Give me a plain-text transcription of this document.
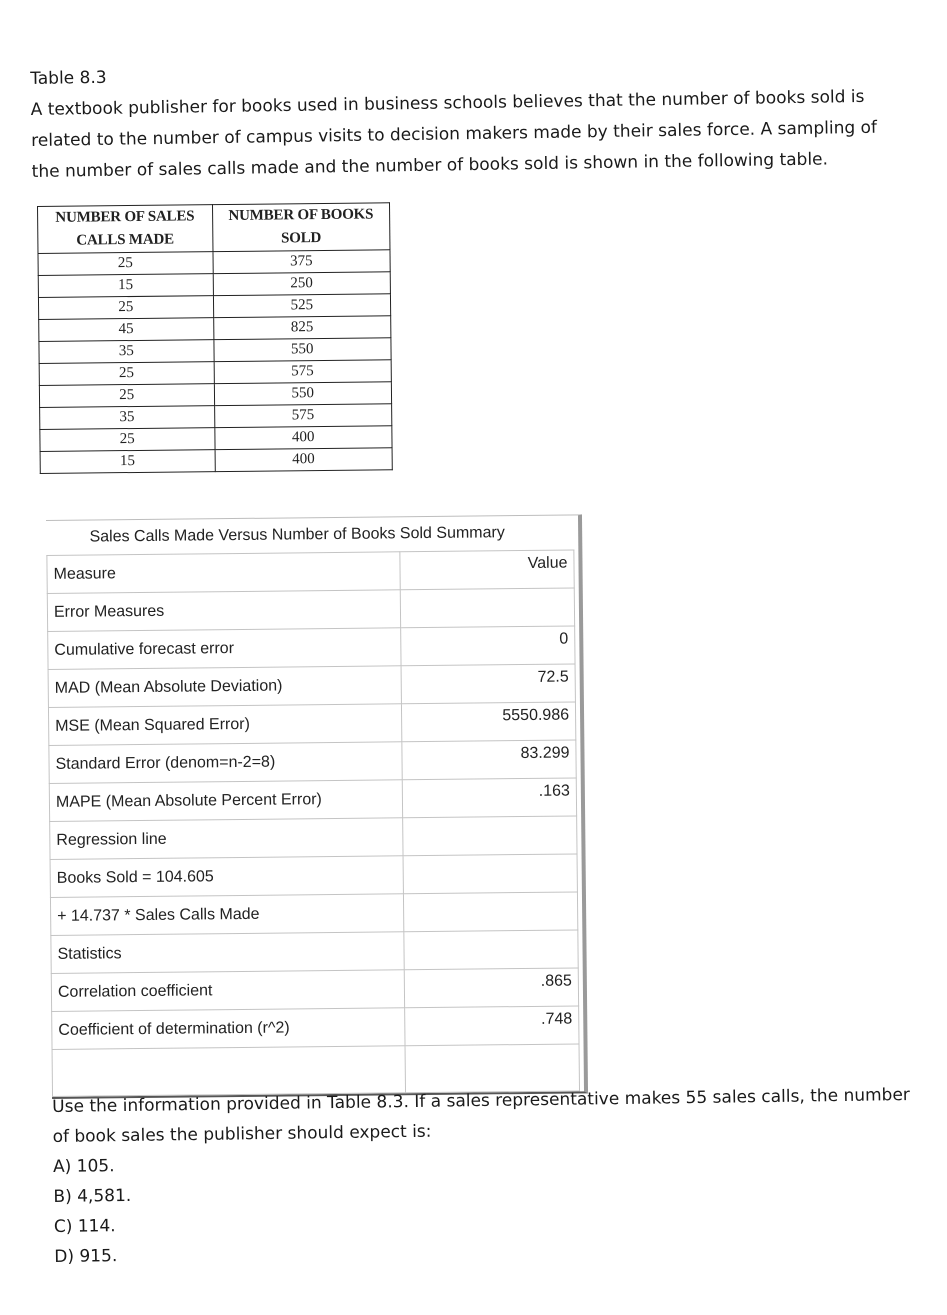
Table 8.3
A textbook publisher for books used in business schools believes that the number of books sold is related to the number of campus visits to decision makers made by their sales force. A sampling of the number of sales calls made and the number of books sold is shown in the following table.
NUMBER OF SALES CALLS MADE	NUMBER OF BOOKS SOLD
25	375
15	250
25	525
45	825
35	550
25	575
25	550
35	575
25	400
15	400
Sales Calls Made Versus Number of Books Sold Summary
Measure	Value
Error Measures	
Cumulative forecast error	0
MAD (Mean Absolute Deviation)	72.5
MSE (Mean Squared Error)	5550.986
Standard Error (denom=n-2=8)	83.299
MAPE (Mean Absolute Percent Error)	.163
Regression line	
Books Sold = 104.605	
+ 14.737 * Sales Calls Made	
Statistics	
Correlation coefficient	.865
Coefficient of determination (r^2)	.748

Use the information provided in Table 8.3. If a sales representative makes 55 sales calls, the number of book sales the publisher should expect is:
A) 105.
B) 4,581.
C) 114.
D) 915.
